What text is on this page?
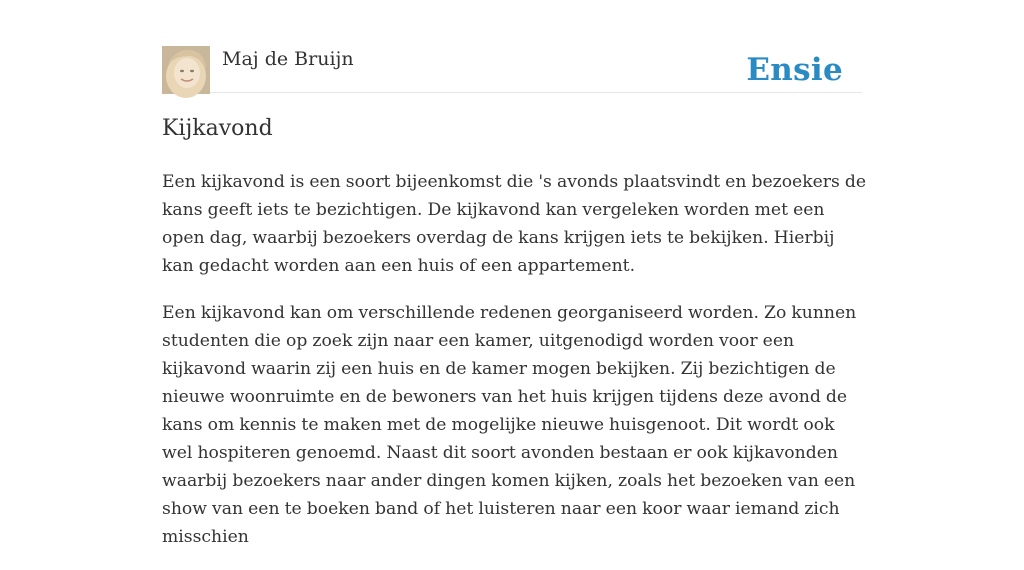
Maj de Bruijn	Ensie
Kijkavond

Een kijkavond is een soort bijeenkomst die 's avonds plaatsvindt en bezoekers de kans geeft iets te bezichtigen. De kijkavond kan vergeleken worden met een open dag, waarbij bezoekers overdag de kans krijgen iets te bekijken. Hierbij kan gedacht worden aan een huis of een appartement.

Een kijkavond kan om verschillende redenen georganiseerd worden. Zo kunnen studenten die op zoek zijn naar een kamer, uitgenodigd worden voor een kijkavond waarin zij een huis en de kamer mogen bekijken. Zij bezichtigen de nieuwe woonruimte en de bewoners van het huis krijgen tijdens deze avond de kans om kennis te maken met de mogelijke nieuwe huisgenoot. Dit wordt ook wel hospiteren genoemd. Naast dit soort avonden bestaan er ook kijkavonden waarbij bezoekers naar ander dingen komen kijken, zoals het bezoeken van een show van een te boeken band of het luisteren naar een koor waar iemand zich misschien
